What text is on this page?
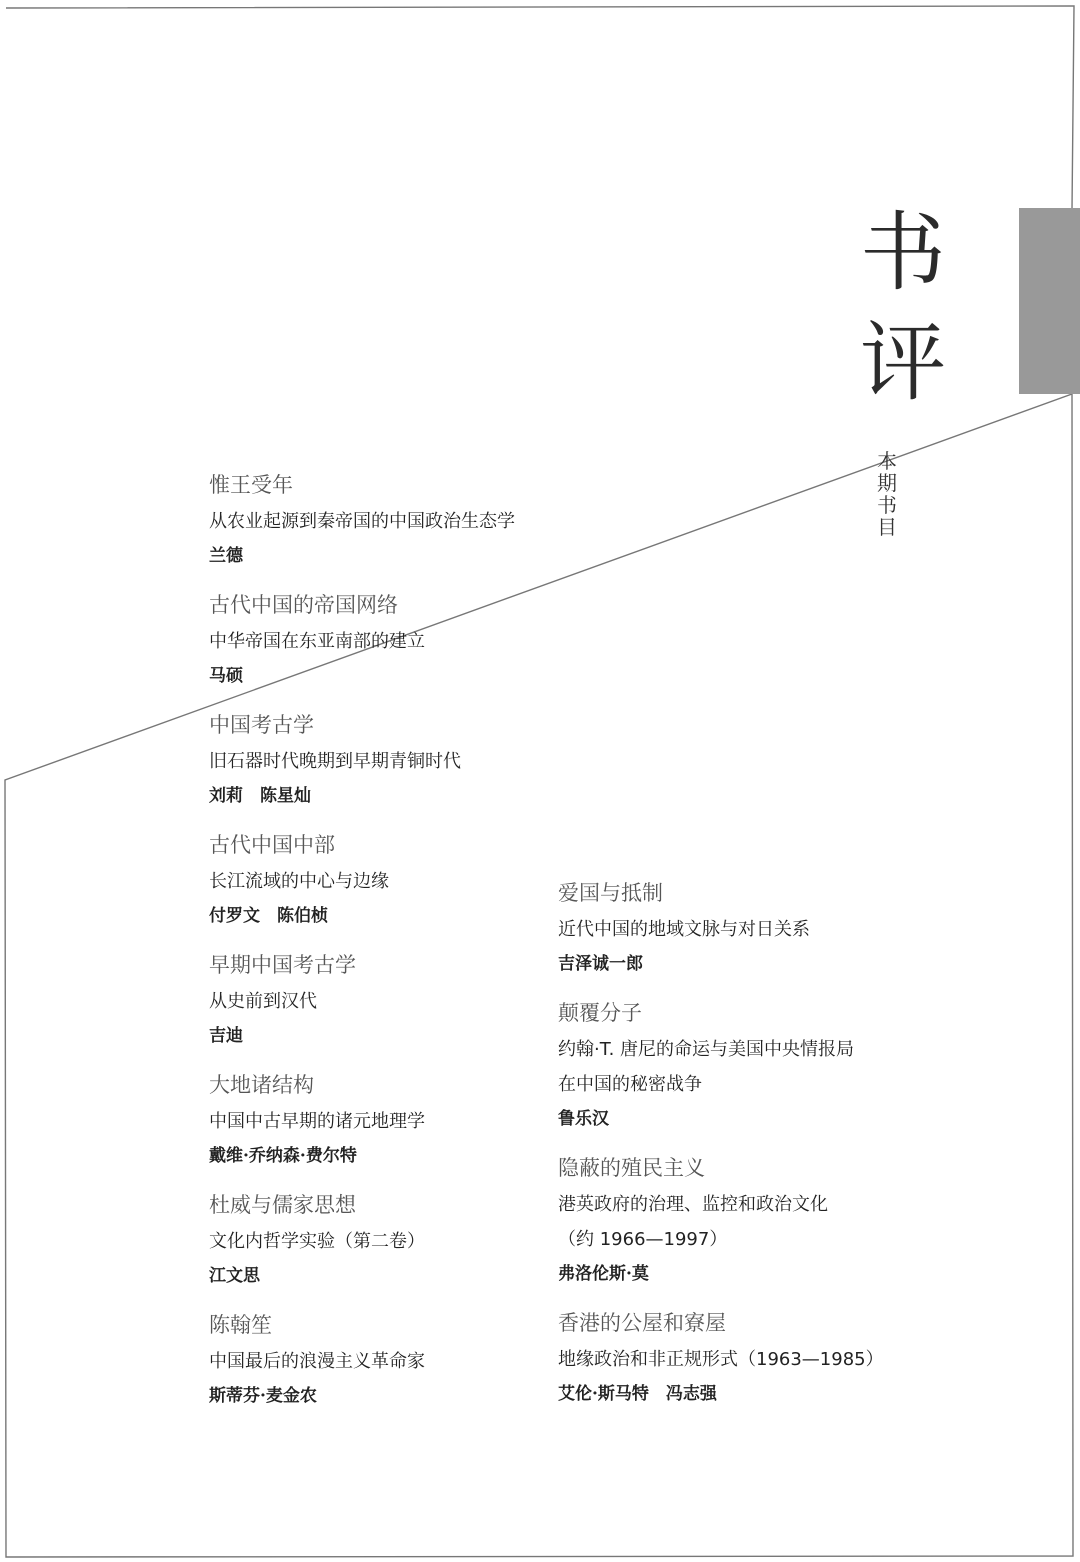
书
评
本
期
书
目
惟王受年
从农业起源到秦帝国的中国政治生态学
兰德
古代中国的帝国网络
中华帝国在东亚南部的建立
马硕
中国考古学
旧石器时代晚期到早期青铜时代
刘莉　陈星灿
古代中国中部
长江流域的中心与边缘
付罗文　陈伯桢
早期中国考古学
从史前到汉代
吉迪
大地诸结构
中国中古早期的诸元地理学
戴维·乔纳森·费尔特
杜威与儒家思想
文化内哲学实验（第二卷）
江文思
陈翰笙
中国最后的浪漫主义革命家
斯蒂芬·麦金农
爱国与抵制
近代中国的地域文脉与对日关系
吉泽诚一郎
颠覆分子
约翰·T. 唐尼的命运与美国中央情报局
在中国的秘密战争
鲁乐汉
隐蔽的殖民主义
港英政府的治理、监控和政治文化
（约 1966—1997）
弗洛伦斯·莫
香港的公屋和寮屋
地缘政治和非正规形式（1963—1985）
艾伦·斯马特　冯志强
